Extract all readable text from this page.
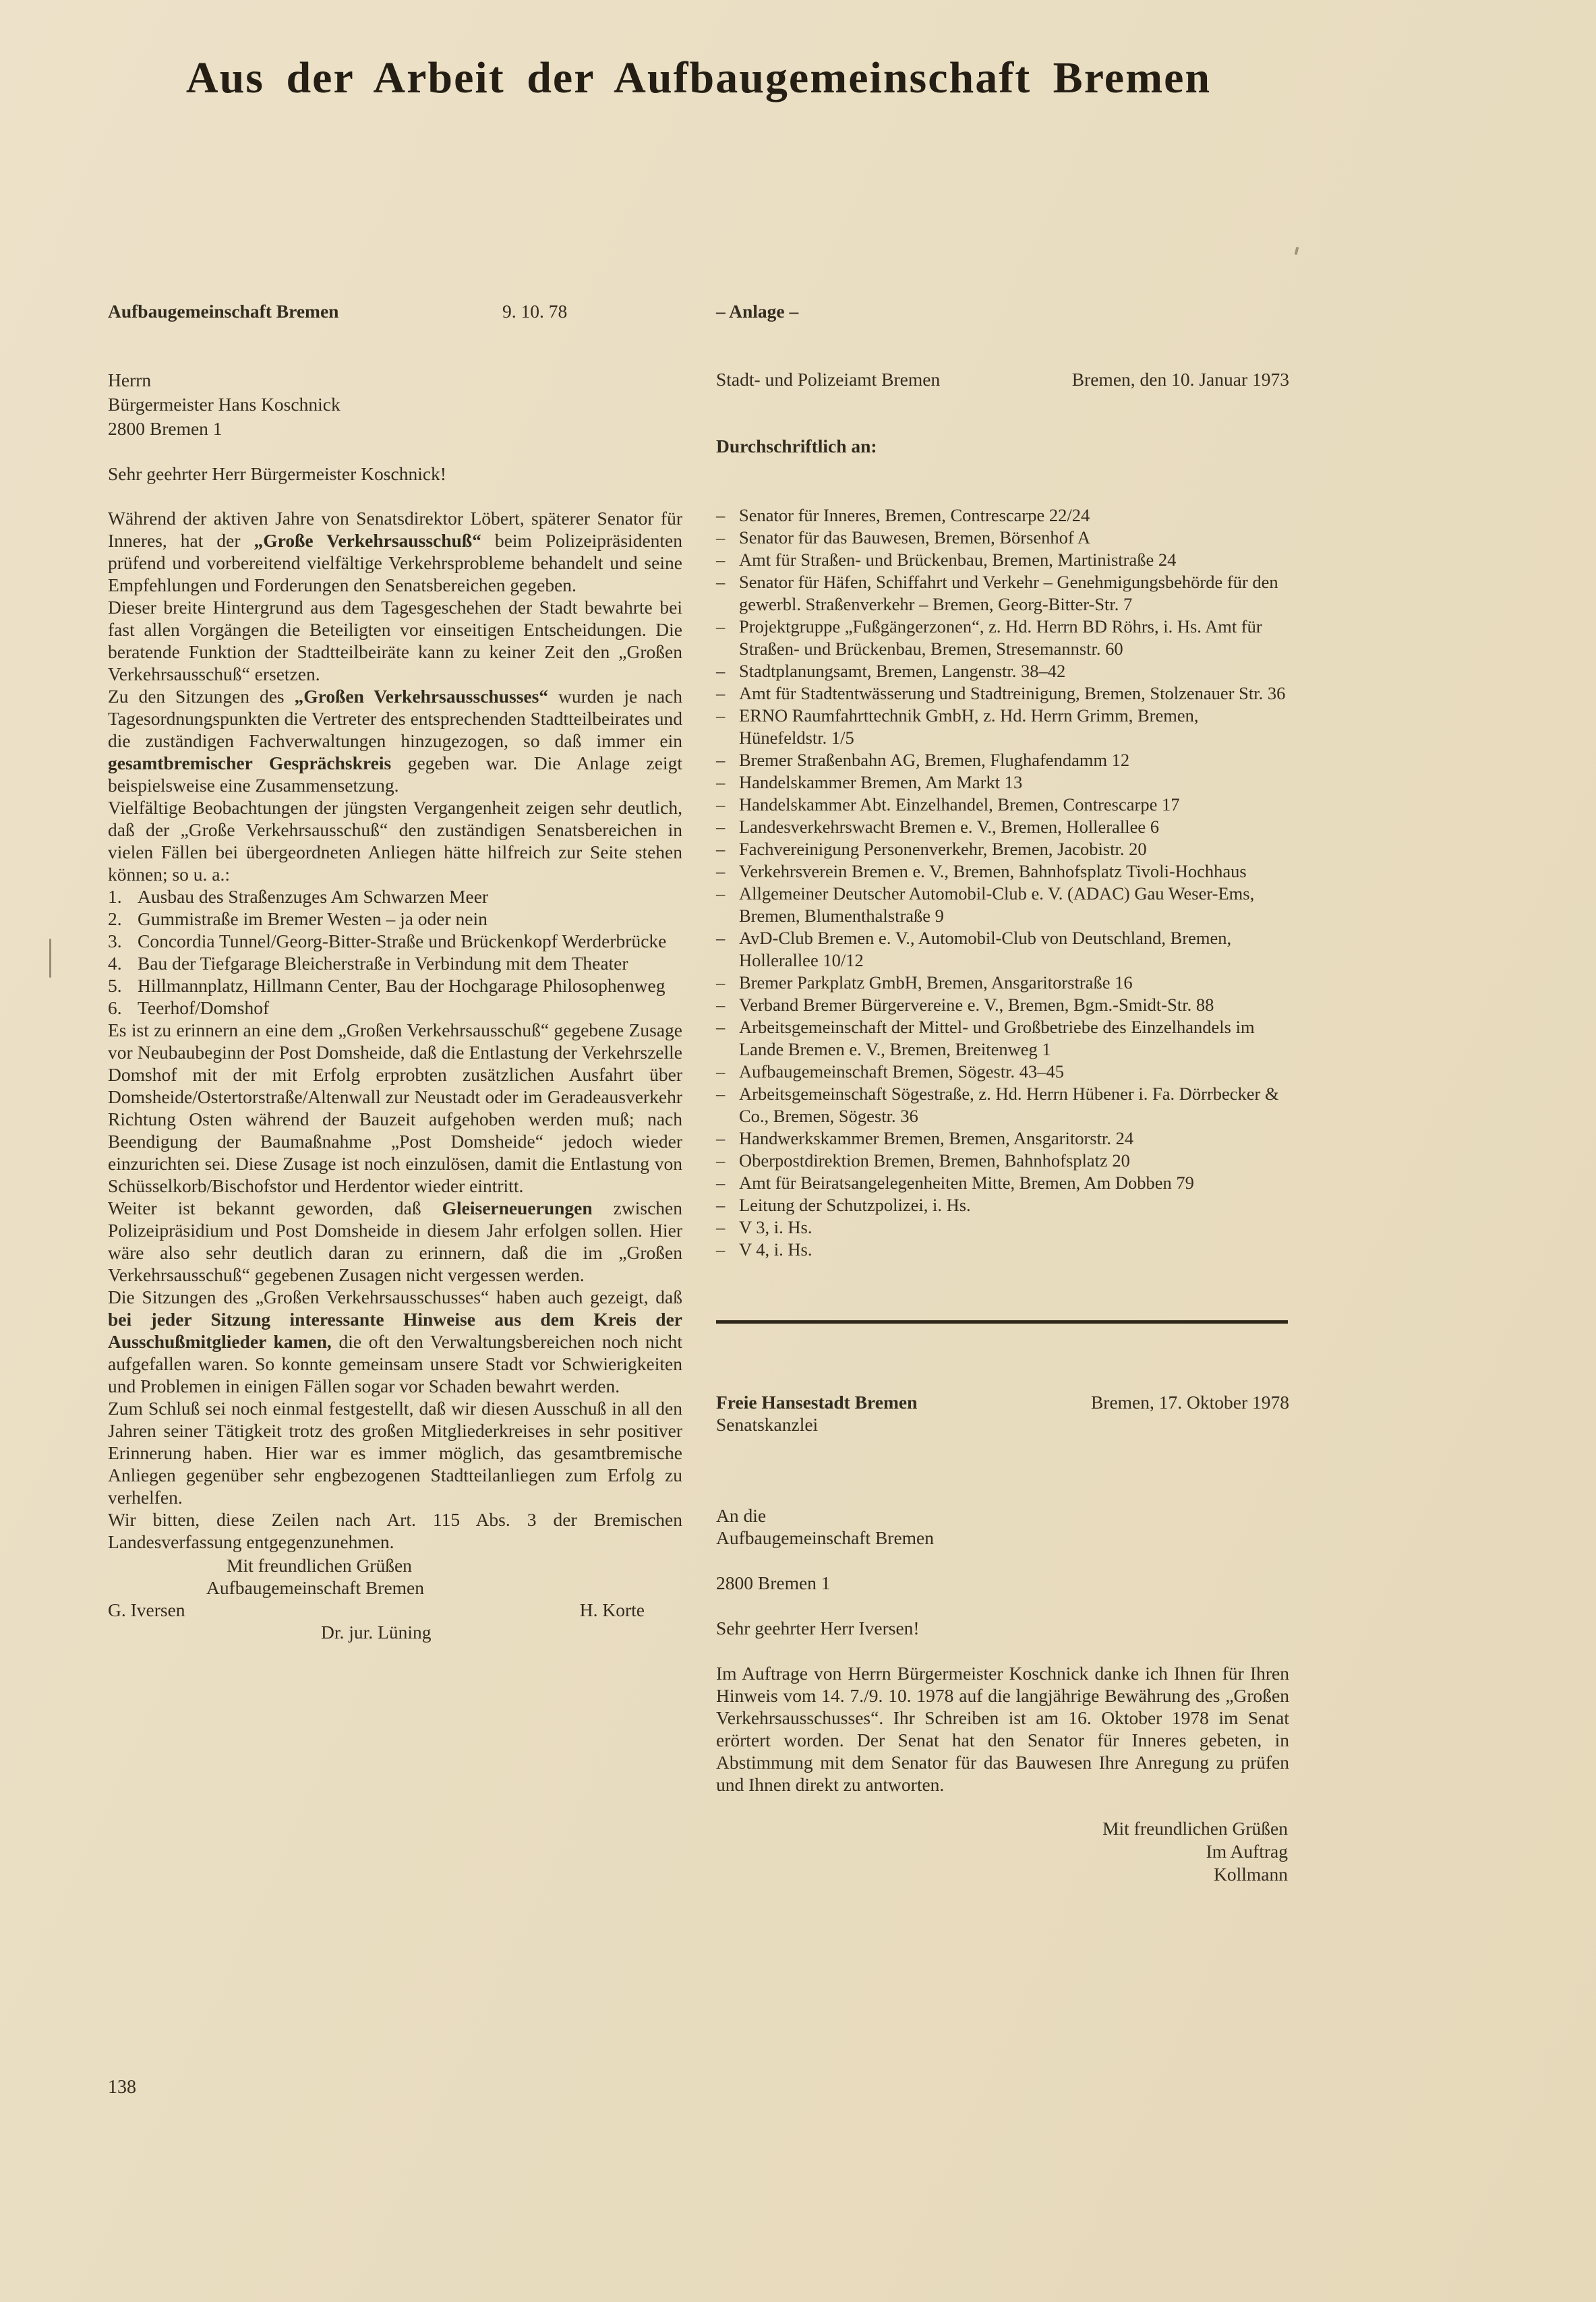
Aus der Arbeit der Aufbaugemeinschaft Bremen
Aufbaugemeinschaft Bremen	9. 10. 78
Herrn
Bürgermeister Hans Koschnick
2800 Bremen 1

Sehr geehrter Herr Bürgermeister Koschnick!

Während der aktiven Jahre von Senatsdirektor Löbert, späterer Senator für Inneres, hat der „Große Verkehrsausschuß“ beim Polizeipräsidenten prüfend und vorbereitend vielfältige Verkehrsprobleme behandelt und seine Empfehlungen und Forderungen den Senatsbereichen gegeben.

Dieser breite Hintergrund aus dem Tagesgeschehen der Stadt bewahrte bei fast allen Vorgängen die Beteiligten vor einseitigen Entscheidungen. Die beratende Funktion der Stadtteilbeiräte kann zu keiner Zeit den „Großen Verkehrsausschuß“ ersetzen.

Zu den Sitzungen des „Großen Verkehrsausschusses“ wurden je nach Tagesordnungspunkten die Vertreter des entsprechenden Stadtteilbeirates und die zuständigen Fachverwaltungen hinzugezogen, so daß immer ein gesamtbremischer Gesprächskreis gegeben war. Die Anlage zeigt beispielsweise eine Zusammensetzung.

Vielfältige Beobachtungen der jüngsten Vergangenheit zeigen sehr deutlich, daß der „Große Verkehrsausschuß“ den zuständigen Senatsbereichen in vielen Fällen bei übergeordneten Anliegen hätte hilfreich zur Seite stehen können; so u. a.:

1. Ausbau des Straßenzuges Am Schwarzen Meer
2. Gummistraße im Bremer Westen – ja oder nein
3. Concordia Tunnel/Georg-Bitter-Straße und Brückenkopf Werderbrücke
4. Bau der Tiefgarage Bleicherstraße in Verbindung mit dem Theater
5. Hillmannplatz, Hillmann Center, Bau der Hochgarage Philosophenweg
6. Teerhof/Domshof

Es ist zu erinnern an eine dem „Großen Verkehrsausschuß“ gegebene Zusage vor Neubaubeginn der Post Domsheide, daß die Entlastung der Verkehrszelle Domshof mit der mit Erfolg erprobten zusätzlichen Ausfahrt über Domsheide/Ostertorstraße/Altenwall zur Neustadt oder im Geradeausverkehr Richtung Osten während der Bauzeit aufgehoben werden muß; nach Beendigung der Baumaßnahme „Post Domsheide“ jedoch wieder einzurichten sei. Diese Zusage ist noch einzulösen, damit die Entlastung von Schüsselkorb/Bischofstor und Herdentor wieder eintritt.

Weiter ist bekannt geworden, daß Gleiserneuerungen zwischen Polizeipräsidium und Post Domsheide in diesem Jahr erfolgen sollen. Hier wäre also sehr deutlich daran zu erinnern, daß die im „Großen Verkehrsausschuß“ gegebenen Zusagen nicht vergessen werden.

Die Sitzungen des „Großen Verkehrsausschusses“ haben auch gezeigt, daß bei jeder Sitzung interessante Hinweise aus dem Kreis der Ausschußmitglieder kamen, die oft den Verwaltungsbereichen noch nicht aufgefallen waren. So konnte gemeinsam unsere Stadt vor Schwierigkeiten und Problemen in einigen Fällen sogar vor Schaden bewahrt werden.

Zum Schluß sei noch einmal festgestellt, daß wir diesen Ausschuß in all den Jahren seiner Tätigkeit trotz des großen Mitgliederkreises in sehr positiver Erinnerung haben. Hier war es immer möglich, das gesamtbremische Anliegen gegenüber sehr engbezogenen Stadtteilanliegen zum Erfolg zu verhelfen.

Wir bitten, diese Zeilen nach Art. 115 Abs. 3 der Bremischen Landesverfassung entgegenzunehmen.

Mit freundlichen Grüßen
Aufbaugemeinschaft Bremen
G. Iversen	H. Korte
Dr. jur. Lüning
– Anlage –
Stadt- und Polizeiamt Bremen	Bremen, den 10. Januar 1973
Durchschriftlich an:
– Senator für Inneres, Bremen, Contrescarpe 22/24
– Senator für das Bauwesen, Bremen, Börsenhof A
– Amt für Straßen- und Brückenbau, Bremen, Martinistraße 24
– Senator für Häfen, Schiffahrt und Verkehr – Genehmigungsbehörde für den gewerbl. Straßenverkehr – Bremen, Georg-Bitter-Str. 7
– Projektgruppe „Fußgängerzonen“, z. Hd. Herrn BD Röhrs, i. Hs. Amt für Straßen- und Brückenbau, Bremen, Stresemannstr. 60
– Stadtplanungsamt, Bremen, Langenstr. 38–42
– Amt für Stadtentwässerung und Stadtreinigung, Bremen, Stolzenauer Str. 36
– ERNO Raumfahrttechnik GmbH, z. Hd. Herrn Grimm, Bremen, Hünefeldstr. 1/5
– Bremer Straßenbahn AG, Bremen, Flughafendamm 12
– Handelskammer Bremen, Am Markt 13
– Handelskammer Abt. Einzelhandel, Bremen, Contrescarpe 17
– Landesverkehrswacht Bremen e. V., Bremen, Hollerallee 6
– Fachvereinigung Personenverkehr, Bremen, Jacobistr. 20
– Verkehrsverein Bremen e. V., Bremen, Bahnhofsplatz Tivoli-Hochhaus
– Allgemeiner Deutscher Automobil-Club e. V. (ADAC) Gau Weser-Ems, Bremen, Blumenthalstraße 9
– AvD-Club Bremen e. V., Automobil-Club von Deutschland, Bremen, Hollerallee 10/12
– Bremer Parkplatz GmbH, Bremen, Ansgaritorstraße 16
– Verband Bremer Bürgervereine e. V., Bremen, Bgm.-Smidt-Str. 88
– Arbeitsgemeinschaft der Mittel- und Großbetriebe des Einzelhandels im Lande Bremen e. V., Bremen, Breitenweg 1
– Aufbaugemeinschaft Bremen, Sögestr. 43–45
– Arbeitsgemeinschaft Sögestraße, z. Hd. Herrn Hübener i. Fa. Dörrbecker & Co., Bremen, Sögestr. 36
– Handwerkskammer Bremen, Bremen, Ansgaritorstr. 24
– Oberpostdirektion Bremen, Bremen, Bahnhofsplatz 20
– Amt für Beiratsangelegenheiten Mitte, Bremen, Am Dobben 79
– Leitung der Schutzpolizei, i. Hs.
– V 3, i. Hs.
– V 4, i. Hs.
Freie Hansestadt Bremen	Bremen, 17. Oktober 1978
Senatskanzlei
An die
Aufbaugemeinschaft Bremen
2800 Bremen 1

Sehr geehrter Herr Iversen!

Im Auftrage von Herrn Bürgermeister Koschnick danke ich Ihnen für Ihren Hinweis vom 14. 7./9. 10. 1978 auf die langjährige Bewährung des „Großen Verkehrsausschusses“. Ihr Schreiben ist am 16. Oktober 1978 im Senat erörtert worden. Der Senat hat den Senator für Inneres gebeten, in Abstimmung mit dem Senator für das Bauwesen Ihre Anregung zu prüfen und Ihnen direkt zu antworten.

Mit freundlichen Grüßen
Im Auftrag
Kollmann
138
